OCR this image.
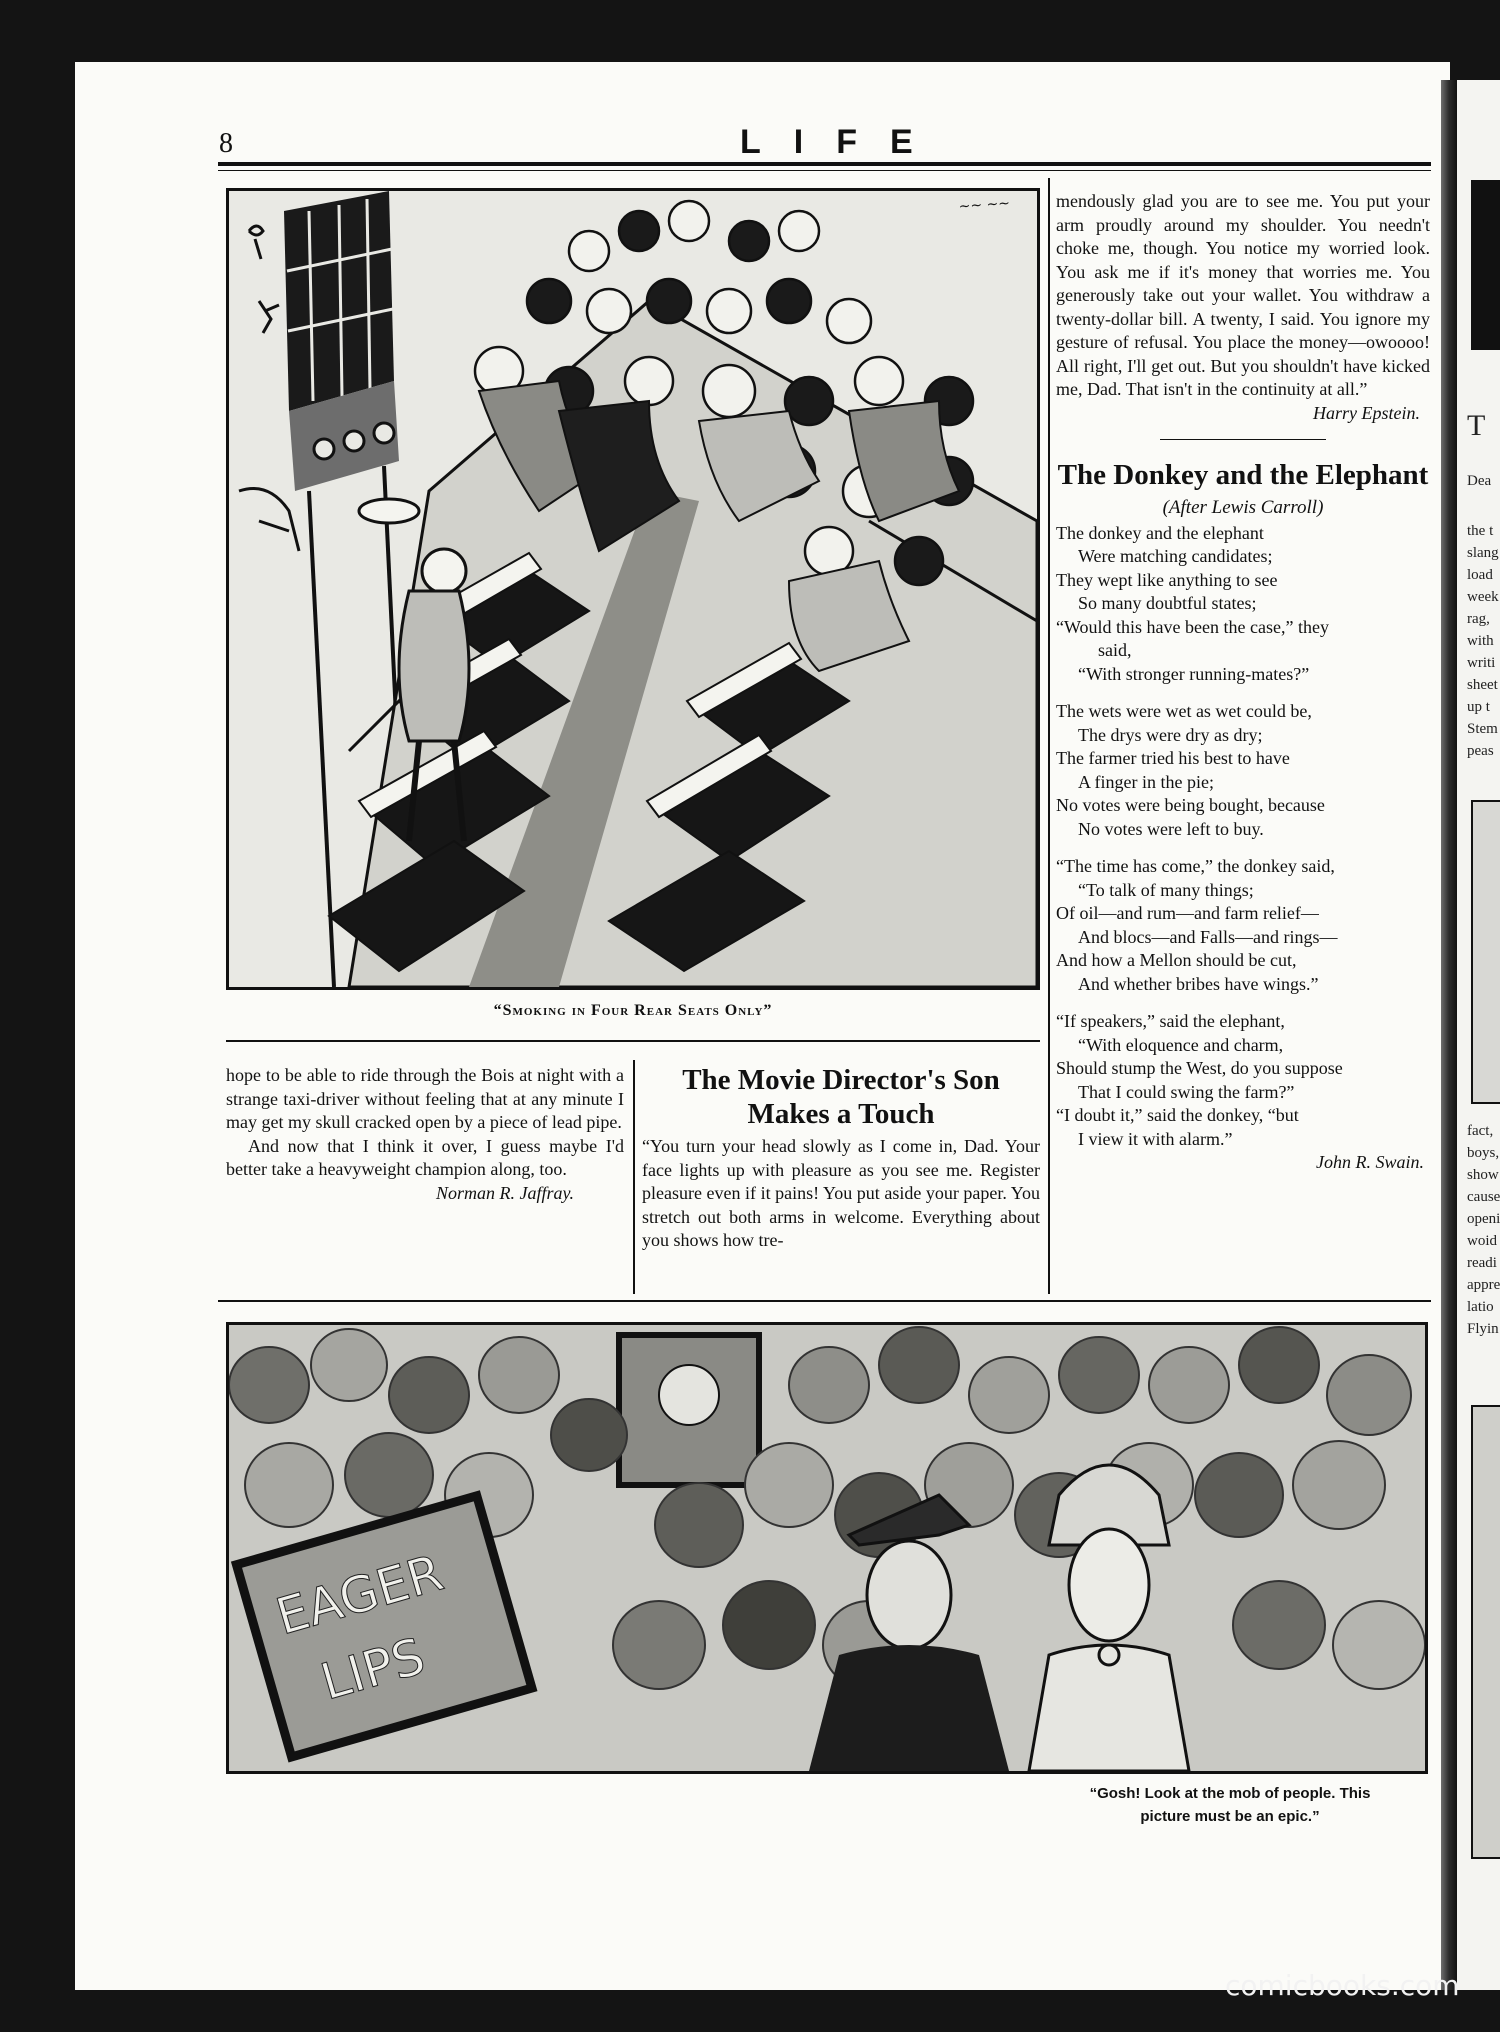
T
Dea
the t
slang
load
week
rag,
with
writi
sheet
up t
Stem
peas
fact,
boys,
show
cause
openi
woid
readi
appre
latio
Flyin
8	LIFE
~~ ~~
“Smoking in Four Rear Seats Only”

hope to be able to ride through the Bois at night with a strange taxi-driver without feeling that at any minute I may get my skull cracked open by a piece of lead pipe.

And now that I think it over, I guess maybe I'd better take a heavyweight champion along, too.

Norman R. Jaffray.

The Movie Director's Son Makes a Touch

“You turn your head slowly as I come in, Dad. Your face lights up with pleasure as you see me. Register pleasure even if it pains! You put aside your paper. You stretch out both arms in welcome. Everything about you shows how tre-

mendously glad you are to see me. You put your arm proudly around my shoulder. You needn't choke me, though. You notice my worried look. You ask me if it's money that worries me. You generously take out your wallet. You withdraw a twenty-dollar bill. A twenty, I said. You ignore my gesture of refusal. You place the money—owoooo! All right, I'll get out. But you shouldn't have kicked me, Dad. That isn't in the continuity at all.”

Harry Epstein.

The Donkey and the Elephant
(After Lewis Carroll)

The donkey and the elephant

Were matching candidates;

They wept like anything to see

So many doubtful states;

“Would this have been the case,” they

said,

“With stronger running-mates?”

The wets were wet as wet could be,

The drys were dry as dry;

The farmer tried his best to have

A finger in the pie;

No votes were being bought, because

No votes were left to buy.

“The time has come,” the donkey said,

“To talk of many things;

Of oil—and rum—and farm relief—

And blocs—and Falls—and rings—

And how a Mellon should be cut,

And whether bribes have wings.”

“If speakers,” said the elephant,

“With eloquence and charm,

Should stump the West, do you suppose

That I could swing the farm?”

“I doubt it,” said the donkey, “but

I view it with alarm.”

John R. Swain.

EAGER
LIPS
“Gosh! Look at the mob of people. This
picture must be an epic.”
comicbooks.com
